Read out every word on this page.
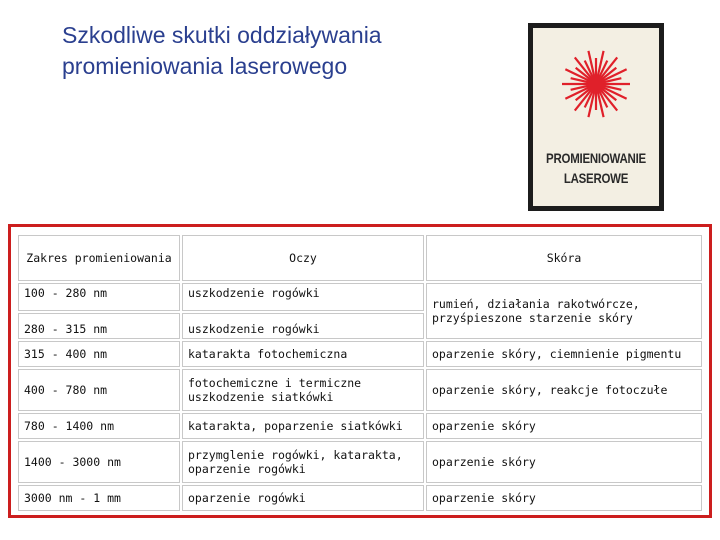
Szkodliwe skutki oddziaływania promieniowania laserowego
PROMIENIOWANIE
LASEROWE
Zakres promieniowania	Oczy	Skóra
100 - 280 nm	uszkodzenie rogówki	rumień, działania rakotwórcze, przyśpieszone starzenie skóry
280 - 315 nm	uszkodzenie rogówki	
315 - 400 nm	katarakta fotochemiczna	oparzenie skóry, ciemnienie pigmentu
400 - 780 nm	fotochemiczne i termiczne uszkodzenie siatkówki	oparzenie skóry, reakcje fotoczułe
780 - 1400 nm	katarakta, poparzenie siatkówki	oparzenie skóry
1400 - 3000 nm	przymglenie rogówki, katarakta, oparzenie rogówki	oparzenie skóry
3000 nm - 1 mm	oparzenie rogówki	oparzenie skóry
